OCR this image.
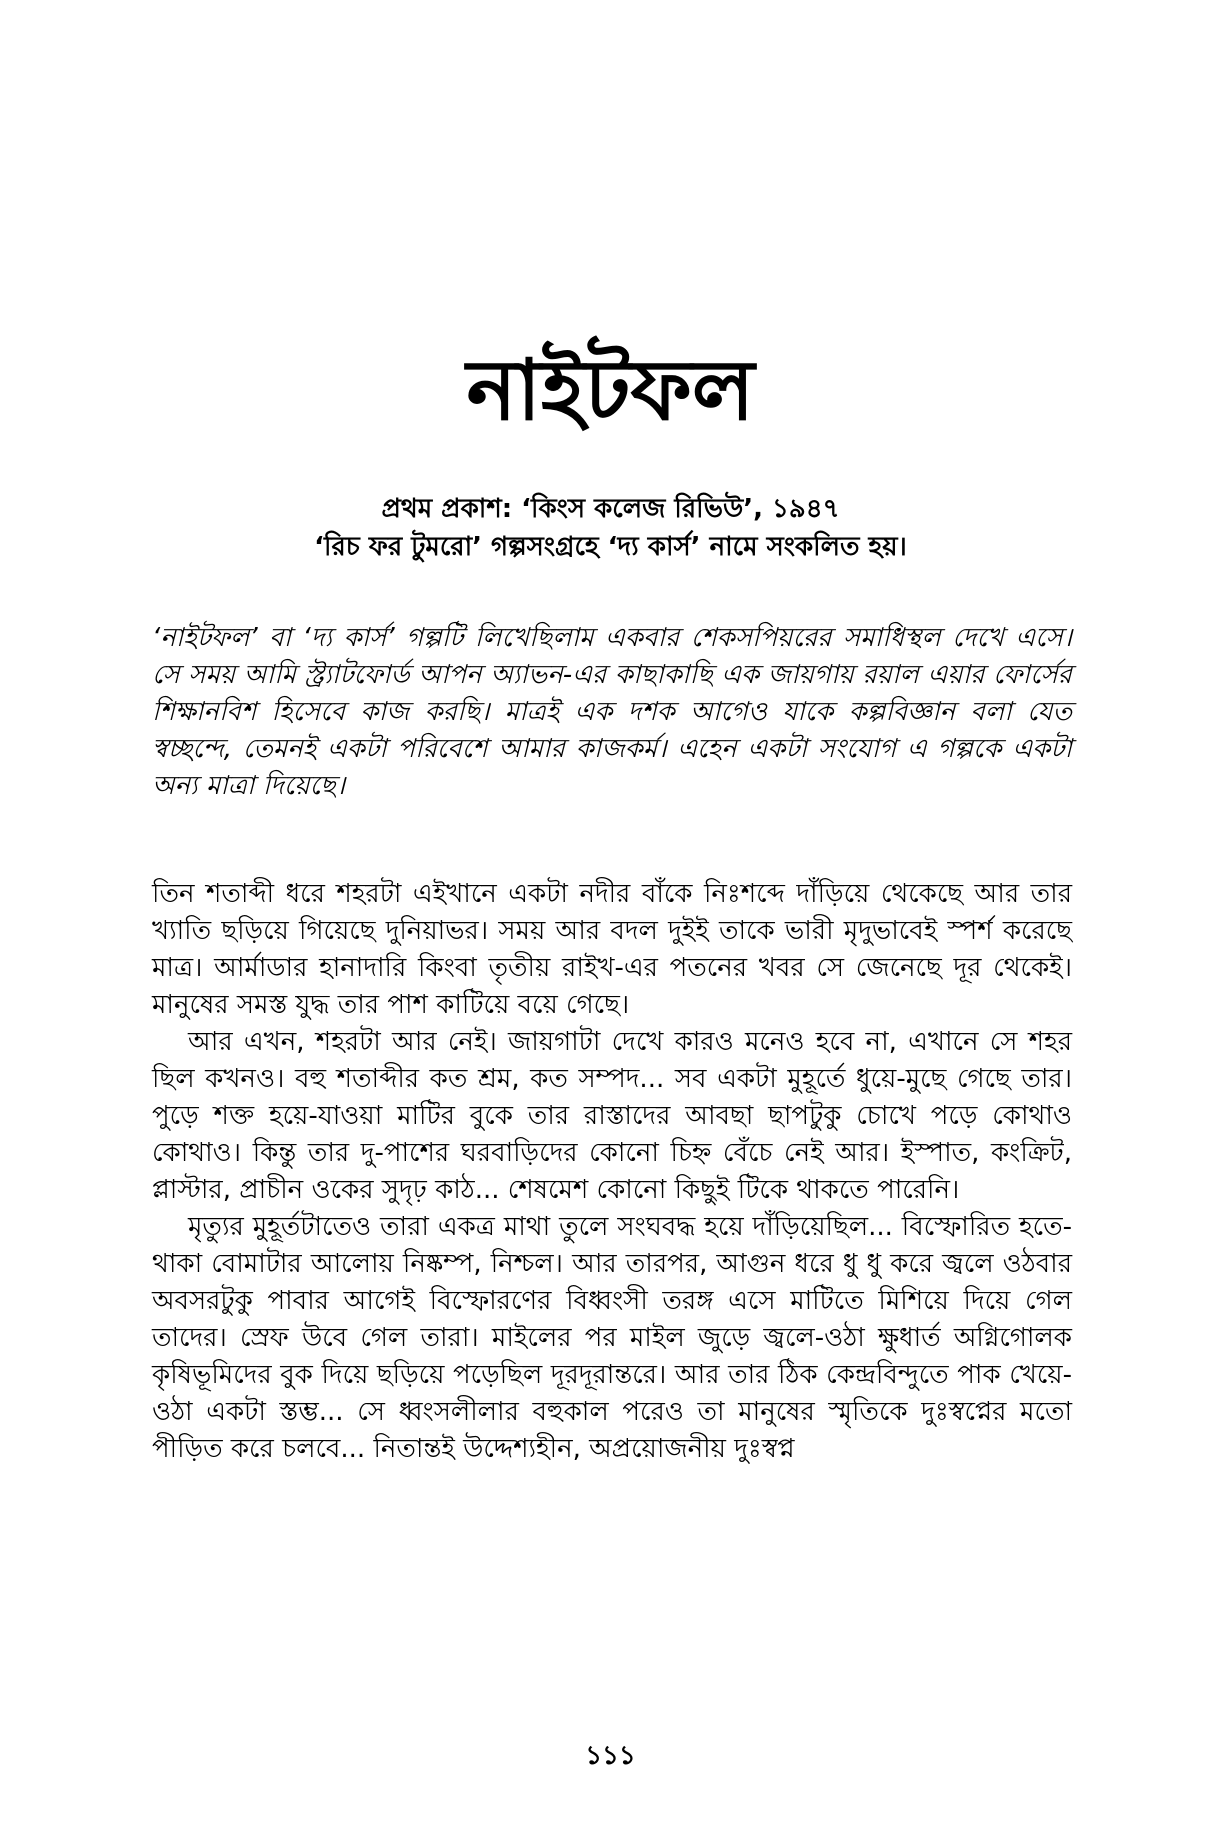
নাইটফল
প্রথম প্রকাশ: ‘কিংস কলেজ রিভিউ’, ১৯৪৭
‘রিচ ফর টুমরো’ গল্পসংগ্রহে ‘দ্য কার্স’ নামে সংকলিত হয়।

‘নাইটফল’ বা ‘দ্য কার্স’ গল্পটি লিখেছিলাম একবার শেকসপিয়রের সমাধিস্থল দেখে এসে। সে সময় আমি স্ট্র্যাটফোর্ড আপন অ্যাভন-এর কাছাকাছি এক জায়গায় রয়াল এয়ার ফোর্সের শিক্ষানবিশ হিসেবে কাজ করছি। মাত্রই এক দশক আগেও যাকে কল্পবিজ্ঞান বলা যেত স্বচ্ছন্দে, তেমনই একটা পরিবেশে আমার কাজকর্ম। এহেন একটা সংযোগ এ গল্পকে একটা অন্য মাত্রা দিয়েছে।

তিন শতাব্দী ধরে শহরটা এইখানে একটা নদীর বাঁকে নিঃশব্দে দাঁড়িয়ে থেকেছে আর তার খ্যাতি ছড়িয়ে গিয়েছে দুনিয়াভর। সময় আর বদল দুইই তাকে ভারী মৃদুভাবেই স্পর্শ করেছে মাত্র। আর্মাডার হানাদারি কিংবা তৃতীয় রাইখ-এর পতনের খবর সে জেনেছে দূর থেকেই। মানুষের সমস্ত যুদ্ধ তার পাশ কাটিয়ে বয়ে গেছে।

আর এখন, শহরটা আর নেই। জায়গাটা দেখে কারও মনেও হবে না, এখানে সে শহর ছিল কখনও। বহু শতাব্দীর কত শ্রম, কত সম্পদ... সব একটা মুহূর্তে ধুয়ে-মুছে গেছে তার। পুড়ে শক্ত হয়ে-যাওয়া মাটির বুকে তার রাস্তাদের আবছা ছাপটুকু চোখে পড়ে কোথাও কোথাও। কিন্তু তার দু-পাশের ঘরবাড়িদের কোনো চিহ্ন বেঁচে নেই আর। ইস্পাত, কংক্রিট, প্লাস্টার, প্রাচীন ওকের সুদৃঢ় কাঠ... শেষমেশ কোনো কিছুই টিকে থাকতে পারেনি।

মৃত্যুর মুহূর্তটাতেও তারা একত্র মাথা তুলে সংঘবদ্ধ হয়ে দাঁড়িয়েছিল... বিস্ফোরিত হতে-থাকা বোমাটার আলোয় নিষ্কম্প, নিশ্চল। আর তারপর, আগুন ধরে ধু ধু করে জ্বলে ওঠবার অবসরটুকু পাবার আগেই বিস্ফোরণের বিধ্বংসী তরঙ্গ এসে মাটিতে মিশিয়ে দিয়ে গেল তাদের। স্রেফ উবে গেল তারা। মাইলের পর মাইল জুড়ে জ্বলে-ওঠা ক্ষুধার্ত অগ্নিগোলক কৃষিভূমিদের বুক দিয়ে ছড়িয়ে পড়েছিল দূরদূরান্তরে। আর তার ঠিক কেন্দ্রবিন্দুতে পাক খেয়ে-ওঠা একটা স্তম্ভ... সে ধ্বংসলীলার বহুকাল পরেও তা মানুষের স্মৃতিকে দুঃস্বপ্নের মতো পীড়িত করে চলবে... নিতান্তই উদ্দেশ্যহীন, অপ্রয়োজনীয় দুঃস্বপ্ন

১১১
